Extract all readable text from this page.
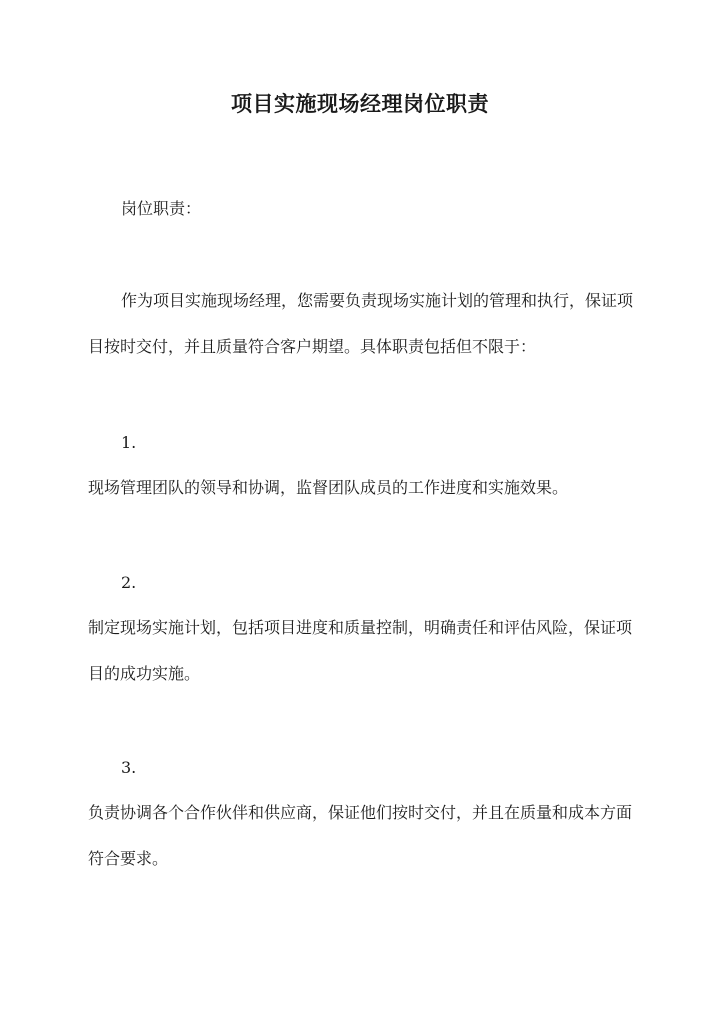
项目实施现场经理岗位职责

岗位职责：

作为项目实施现场经理，您需要负责现场实施计划的管理和执行，保证项目按时交付，并且质量符合客户期望。具体职责包括但不限于：

1.

现场管理团队的领导和协调，监督团队成员的工作进度和实施效果。

2.

制定现场实施计划，包括项目进度和质量控制，明确责任和评估风险，保证项目的成功实施。

3.

负责协调各个合作伙伴和供应商，保证他们按时交付，并且在质量和成本方面符合要求。
